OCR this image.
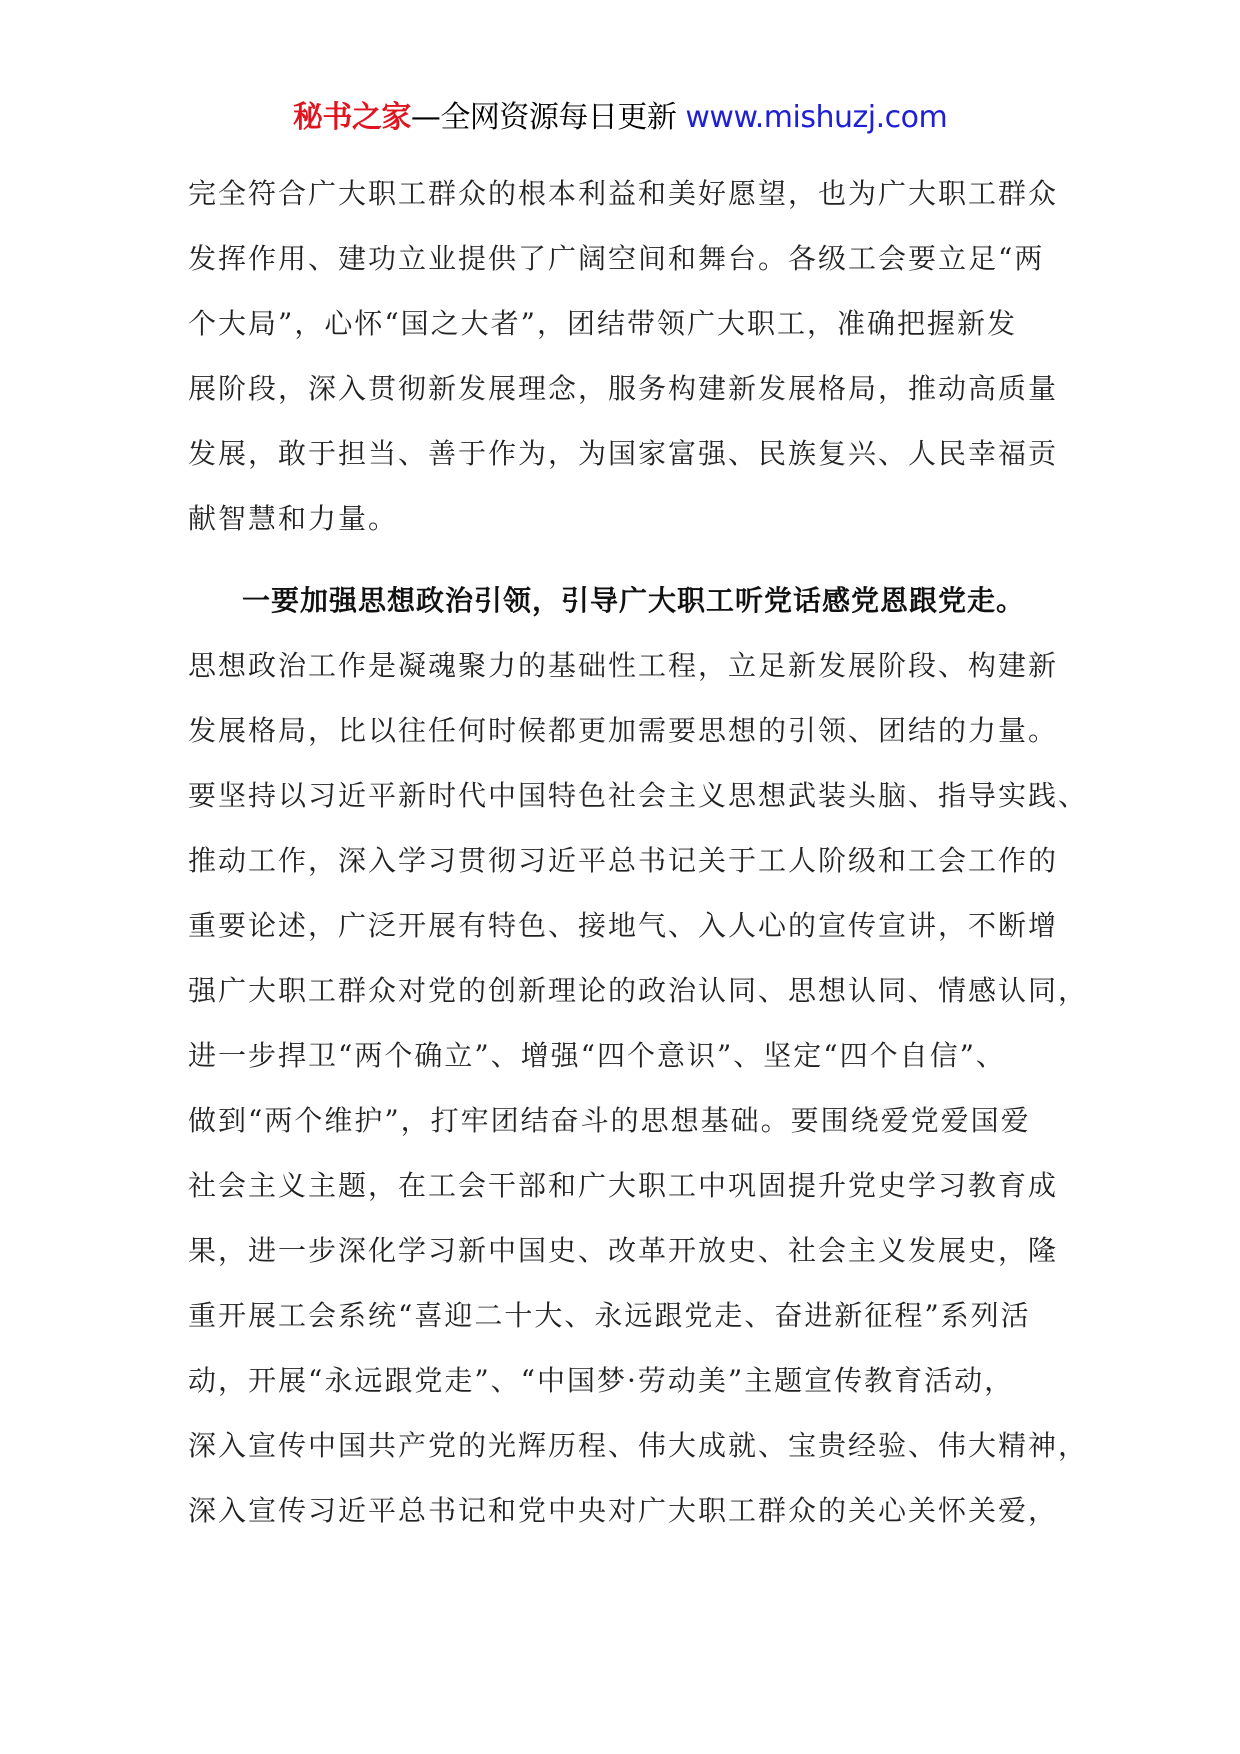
秘书之家—全网资源每日更新 www.mishuzj.com
完全符合广大职工群众的根本利益和美好愿望，也为广大职工群众
发挥作用、建功立业提供了广阔空间和舞台。各级工会要立足“两
个大局”，心怀“国之大者”，团结带领广大职工，准确把握新发
展阶段，深入贯彻新发展理念，服务构建新发展格局，推动高质量
发展，敢于担当、善于作为，为国家富强、民族复兴、人民幸福贡
献智慧和力量。
一要加强思想政治引领，引导广大职工听党话感党恩跟党走。
思想政治工作是凝魂聚力的基础性工程，立足新发展阶段、构建新
发展格局，比以往任何时候都更加需要思想的引领、团结的力量。
要坚持以习近平新时代中国特色社会主义思想武装头脑、指导实践、
推动工作，深入学习贯彻习近平总书记关于工人阶级和工会工作的
重要论述，广泛开展有特色、接地气、入人心的宣传宣讲，不断增
强广大职工群众对党的创新理论的政治认同、思想认同、情感认同，
进一步捍卫“两个确立”、增强“四个意识”、坚定“四个自信”、
做到“两个维护”，打牢团结奋斗的思想基础。要围绕爱党爱国爱
社会主义主题，在工会干部和广大职工中巩固提升党史学习教育成
果，进一步深化学习新中国史、改革开放史、社会主义发展史，隆
重开展工会系统“喜迎二十大、永远跟党走、奋进新征程”系列活
动，开展“永远跟党走”、“中国梦·劳动美”主题宣传教育活动，
深入宣传中国共产党的光辉历程、伟大成就、宝贵经验、伟大精神，
深入宣传习近平总书记和党中央对广大职工群众的关心关怀关爱，
